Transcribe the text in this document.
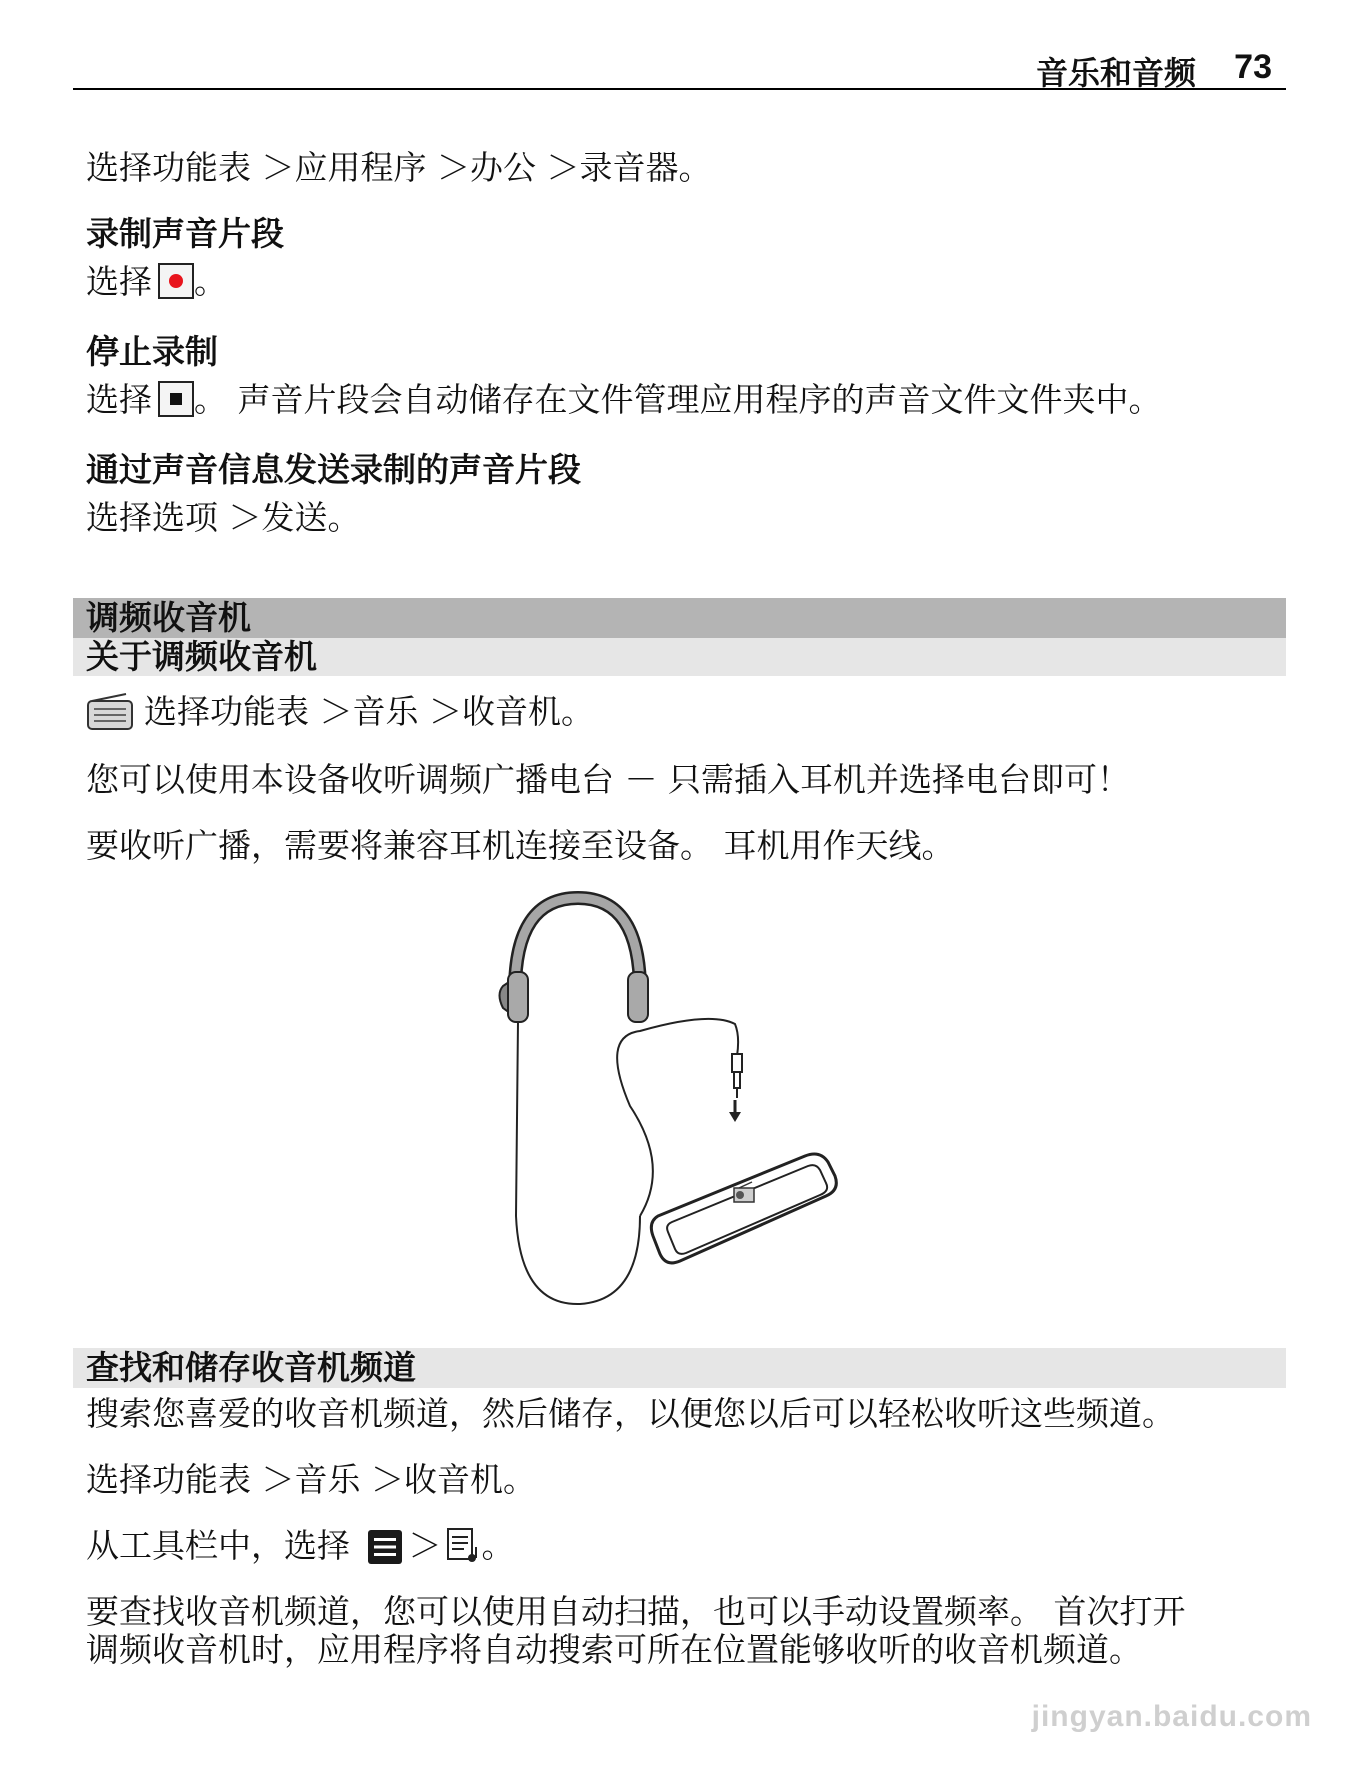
音乐和音频 73
选择功能表 ＞应用程序 ＞办公 ＞录音器。
录制声音片段
选择 。
停止录制
选择 。 声音片段会自动储存在文件管理应用程序的声音文件文件夹中。
通过声音信息发送录制的声音片段
选择选项 ＞发送。
调频收音机
关于调频收音机
选择功能表 ＞音乐 ＞收音机。
您可以使用本设备收听调频广播电台 － 只需插入耳机并选择电台即可！
要收听广播，需要将兼容耳机连接至设备。 耳机用作天线。
查找和储存收音机频道
搜索您喜爱的收音机频道，然后储存，以便您以后可以轻松收听这些频道。
选择功能表 ＞音乐 ＞收音机。
从工具栏中，选择 ＞ 。
要查找收音机频道，您可以使用自动扫描，也可以手动设置频率。 首次打开
调频收音机时，应用程序将自动搜索可所在位置能够收听的收音机频道。
jingyan.baidu.com
